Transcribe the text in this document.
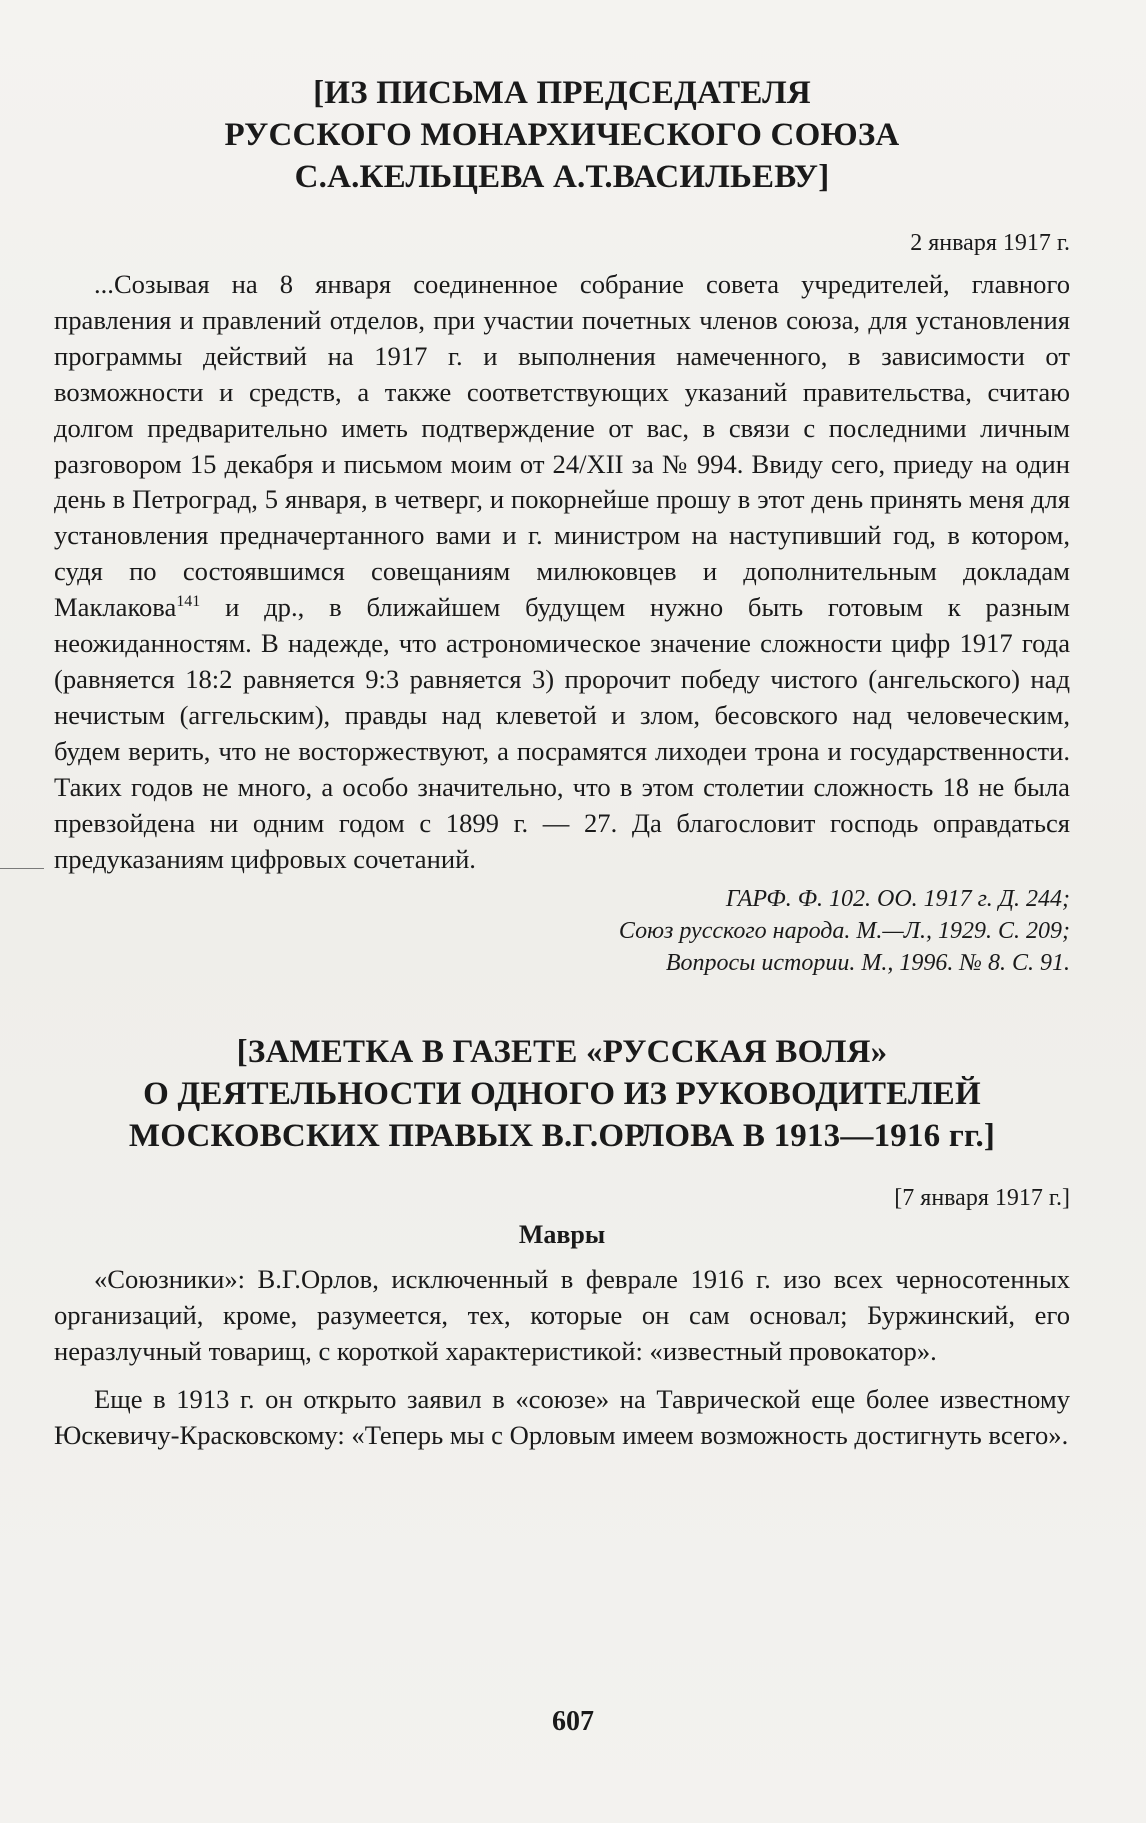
[ИЗ ПИСЬМА ПРЕДСЕДАТЕЛЯ
РУССКОГО МОНАРХИЧЕСКОГО СОЮЗА
С.А.КЕЛЬЦЕВА А.Т.ВАСИЛЬЕВУ]

2 января 1917 г.

...Созывая на 8 января соединенное собрание совета учредителей, главного правления и правлений отделов, при участии почетных членов союза, для установления программы действий на 1917 г. и выполнения намеченного, в зависимости от возможности и средств, а также соответствующих указаний правительства, считаю долгом предварительно иметь подтверждение от вас, в связи с последними личным разговором 15 декабря и письмом моим от 24/XII за № 994. Ввиду сего, приеду на один день в Петроград, 5 января, в четверг, и покорнейше прошу в этот день принять меня для установления предначертанного вами и г. министром на наступивший год, в котором, судя по состоявшимся совещаниям милюковцев и дополнительным докладам Маклакова$^{141}$ и др., в ближайшем будущем нужно быть готовым к разным неожиданностям. В надежде, что астрономическое значение сложности цифр 1917 года (равняется 18:2 равняется 9:3 равняется 3) пророчит победу чистого (ангельского) над нечистым (аггельским), правды над клеветой и злом, бесовского над человеческим, будем верить, что не восторжествуют, а посрамятся лиходеи трона и государственности. Таких годов не много, а особо значительно, что в этом столетии сложность 18 не была превзойдена ни одним годом с 1899 г. — 27. Да благословит господь оправдаться предуказаниям цифровых сочетаний.

ГАРФ. Ф. 102. ОО. 1917 г. Д. 244;
Союз русского народа. М.—Л., 1929. С. 209;
Вопросы истории. М., 1996. № 8. С. 91.
[ЗАМЕТКА В ГАЗЕТЕ «РУССКАЯ ВОЛЯ»
О ДЕЯТЕЛЬНОСТИ ОДНОГО ИЗ РУКОВОДИТЕЛЕЙ
МОСКОВСКИХ ПРАВЫХ В.Г.ОРЛОВА В 1913—1916 гг.]

[7 января 1917 г.]

Мавры

«Союзники»: В.Г.Орлов, исключенный в феврале 1916 г. изо всех черносотенных организаций, кроме, разумеется, тех, которые он сам основал; Буржинский, его неразлучный товарищ, с короткой характеристикой: «известный провокатор».

Еще в 1913 г. он открыто заявил в «союзе» на Таврической еще более известному Юскевичу-Красковскому: «Теперь мы с Орловым имеем возможность достигнуть всего».

607
